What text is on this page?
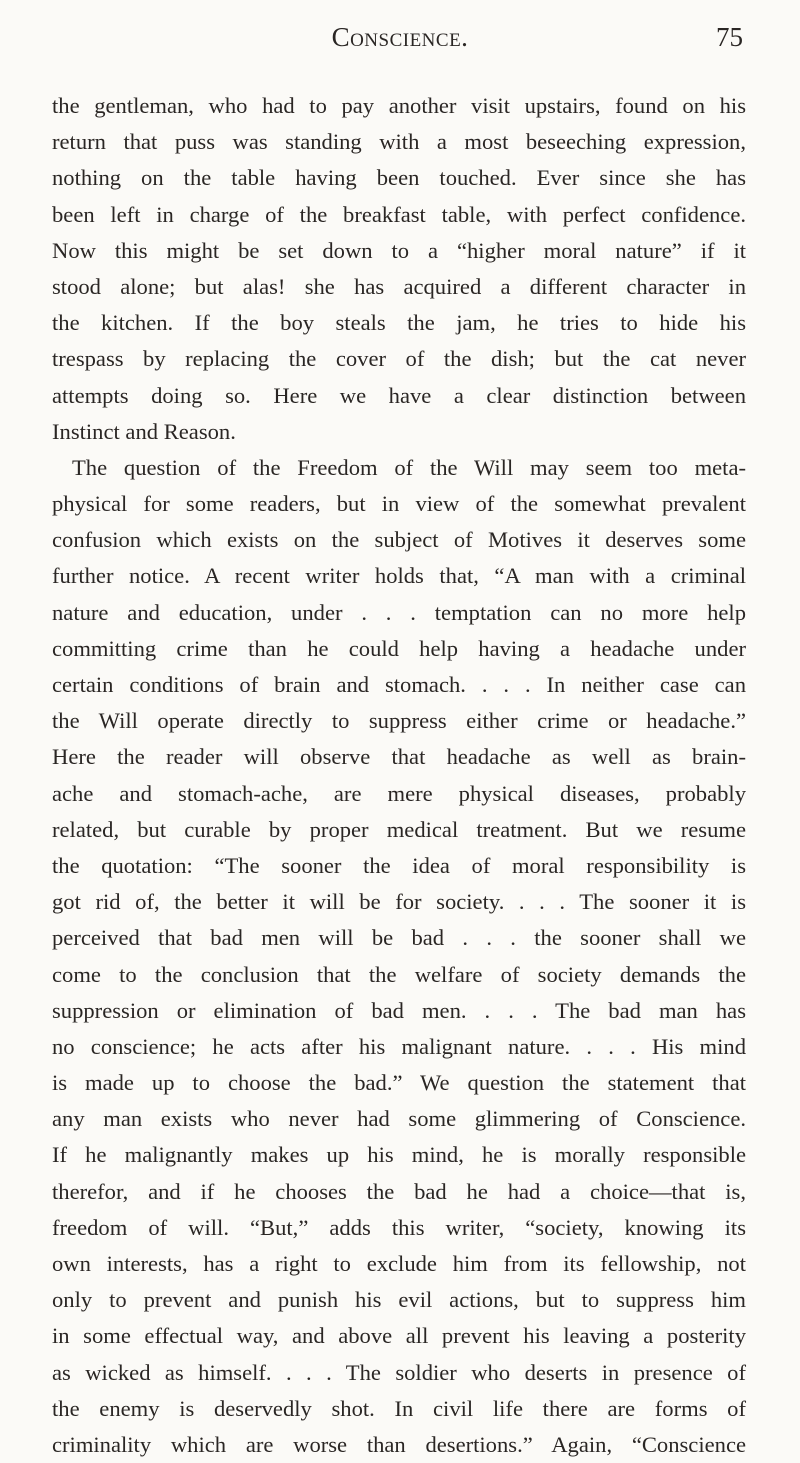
Conscience.	75
the gentleman, who had to pay another visit upstairs, found on his
return that puss was standing with a most beseeching expression,
nothing on the table having been touched. Ever since she has
been left in charge of the breakfast table, with perfect confidence.
Now this might be set down to a “higher moral nature” if it
stood alone; but alas! she has acquired a different character in
the kitchen. If the boy steals the jam, he tries to hide his
trespass by replacing the cover of the dish; but the cat never
attempts doing so. Here we have a clear distinction between
Instinct and Reason.
The question of the Freedom of the Will may seem too meta-
physical for some readers, but in view of the somewhat prevalent
confusion which exists on the subject of Motives it deserves some
further notice. A recent writer holds that, “A man with a criminal
nature and education, under . . . temptation can no more help
committing crime than he could help having a headache under
certain conditions of brain and stomach. . . . In neither case can
the Will operate directly to suppress either crime or headache.”
Here the reader will observe that headache as well as brain-
ache and stomach-ache, are mere physical diseases, probably
related, but curable by proper medical treatment. But we resume
the quotation: “The sooner the idea of moral responsibility is
got rid of, the better it will be for society. . . . The sooner it is
perceived that bad men will be bad . . . the sooner shall we
come to the conclusion that the welfare of society demands the
suppression or elimination of bad men. . . . The bad man has
no conscience; he acts after his malignant nature. . . . His mind
is made up to choose the bad.” We question the statement that
any man exists who never had some glimmering of Conscience.
If he malignantly makes up his mind, he is morally responsible
therefor, and if he chooses the bad he had a choice—that is,
freedom of will. “But,” adds this writer, “society, knowing its
own interests, has a right to exclude him from its fellowship, not
only to prevent and punish his evil actions, but to suppress him
in some effectual way, and above all prevent his leaving a posterity
as wicked as himself. . . . The soldier who deserts in presence of
the enemy is deservedly shot. In civil life there are forms of
criminality which are worse than desertions.” Again, “Conscience
